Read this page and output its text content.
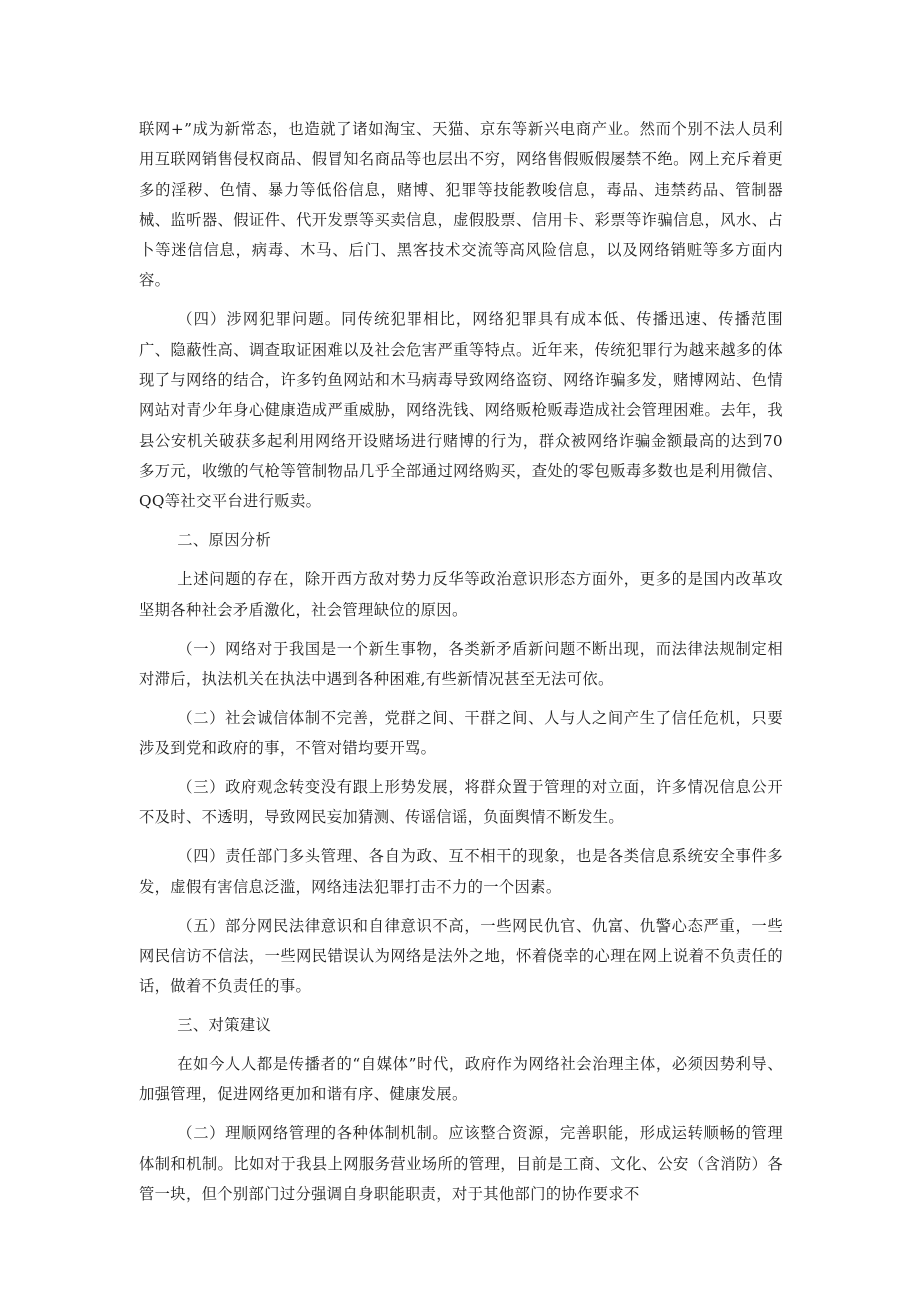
联网+”成为新常态，也造就了诸如淘宝、天猫、京东等新兴电商产业。然而个别不法人员利用互联网销售侵权商品、假冒知名商品等也层出不穷，网络售假贩假屡禁不绝。网上充斥着更多的淫秽、色情、暴力等低俗信息，赌博、犯罪等技能教唆信息，毒品、违禁药品、管制器械、监听器、假证件、代开发票等买卖信息，虚假股票、信用卡、彩票等诈骗信息，风水、占卜等迷信信息，病毒、木马、后门、黑客技术交流等高风险信息，以及网络销赃等多方面内容。

（四）涉网犯罪问题。同传统犯罪相比，网络犯罪具有成本低、传播迅速、传播范围广、隐蔽性高、调查取证困难以及社会危害严重等特点。近年来，传统犯罪行为越来越多的体现了与网络的结合，许多钓鱼网站和木马病毒导致网络盗窃、网络诈骗多发，赌博网站、色情网站对青少年身心健康造成严重威胁，网络洗钱、网络贩枪贩毒造成社会管理困难。去年，我县公安机关破获多起利用网络开设赌场进行赌博的行为，群众被网络诈骗金额最高的达到70多万元，收缴的气枪等管制物品几乎全部通过网络购买，查处的零包贩毒多数也是利用微信、QQ等社交平台进行贩卖。

二、原因分析

上述问题的存在，除开西方敌对势力反华等政治意识形态方面外，更多的是国内改革攻坚期各种社会矛盾激化，社会管理缺位的原因。

（一）网络对于我国是一个新生事物，各类新矛盾新问题不断出现，而法律法规制定相对滞后，执法机关在执法中遇到各种困难,有些新情况甚至无法可依。

（二）社会诚信体制不完善，党群之间、干群之间、人与人之间产生了信任危机，只要涉及到党和政府的事，不管对错均要开骂。

（三）政府观念转变没有跟上形势发展，将群众置于管理的对立面，许多情况信息公开不及时、不透明，导致网民妄加猜测、传谣信谣，负面舆情不断发生。

（四）责任部门多头管理、各自为政、互不相干的现象，也是各类信息系统安全事件多发，虚假有害信息泛滥，网络违法犯罪打击不力的一个因素。

（五）部分网民法律意识和自律意识不高，一些网民仇官、仇富、仇警心态严重，一些网民信访不信法，一些网民错误认为网络是法外之地，怀着侥幸的心理在网上说着不负责任的话，做着不负责任的事。

三、对策建议

在如今人人都是传播者的“自媒体”时代，政府作为网络社会治理主体，必须因势利导、加强管理，促进网络更加和谐有序、健康发展。

（二）理顺网络管理的各种体制机制。应该整合资源，完善职能，形成运转顺畅的管理体制和机制。比如对于我县上网服务营业场所的管理，目前是工商、文化、公安（含消防）各管一块，但个别部门过分强调自身职能职责，对于其他部门的协作要求不
